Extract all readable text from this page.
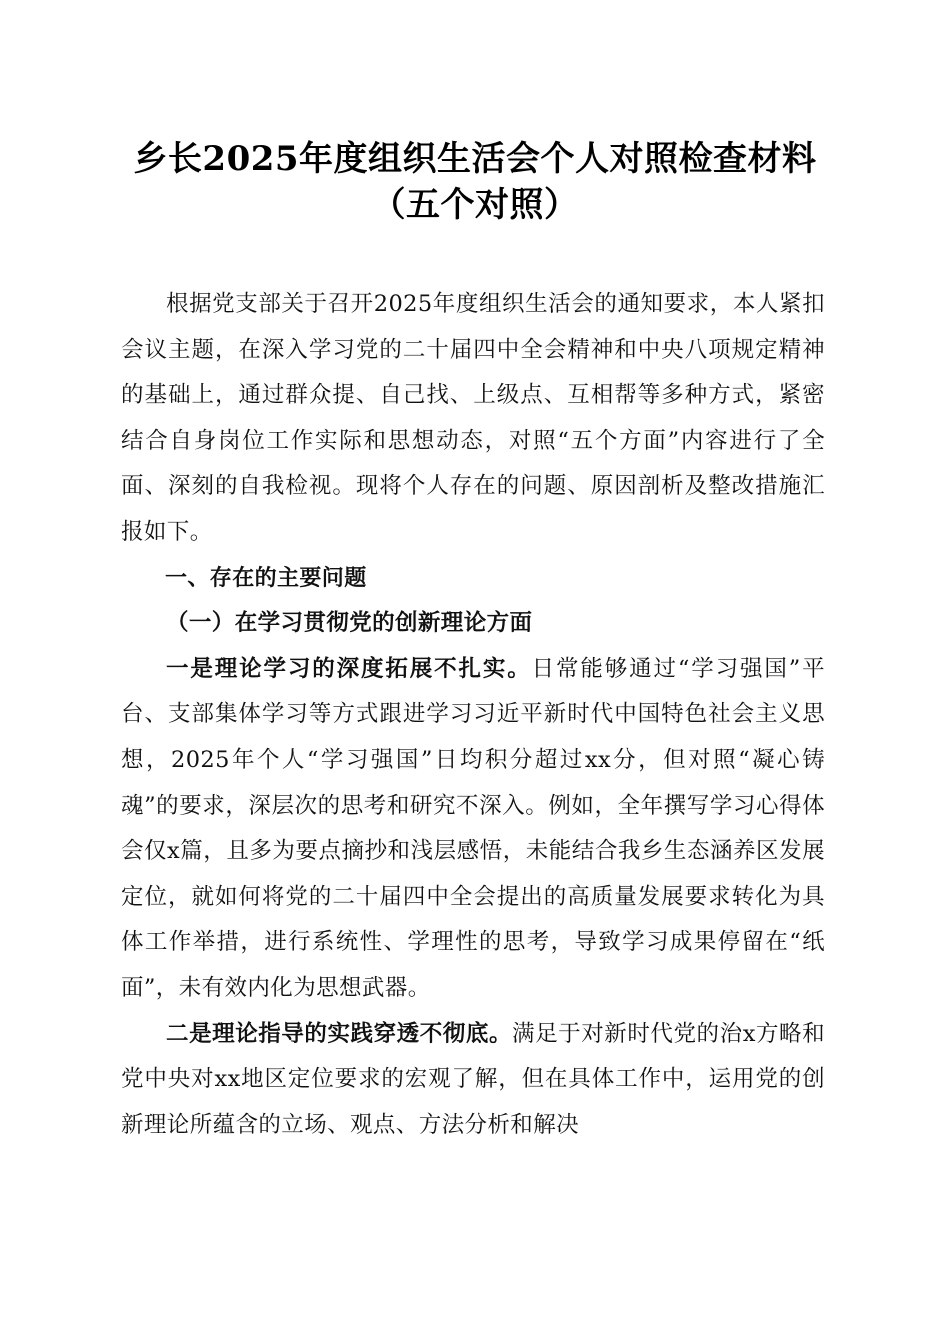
乡长2025年度组织生活会个人对照检查材料
（五个对照）

根据党支部关于召开2025年度组织生活会的通知要求，本人紧扣会议主题，在深入学习党的二十届四中全会精神和中央八项规定精神的基础上，通过群众提、自己找、上级点、互相帮等多种方式，紧密结合自身岗位工作实际和思想动态，对照“五个方面”内容进行了全面、深刻的自我检视。现将个人存在的问题、原因剖析及整改措施汇报如下。

一、存在的主要问题

（一）在学习贯彻党的创新理论方面

一是理论学习的深度拓展不扎实。日常能够通过“学习强国”平台、支部集体学习等方式跟进学习习近平新时代中国特色社会主义思想，2025年个人“学习强国”日均积分超过xx分，但对照“凝心铸魂”的要求，深层次的思考和研究不深入。例如，全年撰写学习心得体会仅x篇，且多为要点摘抄和浅层感悟，未能结合我乡生态涵养区发展定位，就如何将党的二十届四中全会提出的高质量发展要求转化为具体工作举措，进行系统性、学理性的思考，导致学习成果停留在“纸面”，未有效内化为思想武器。

二是理论指导的实践穿透不彻底。满足于对新时代党的治x方略和党中央对xx地区定位要求的宏观了解，但在具体工作中，运用党的创新理论所蕴含的立场、观点、方法分析和解决
